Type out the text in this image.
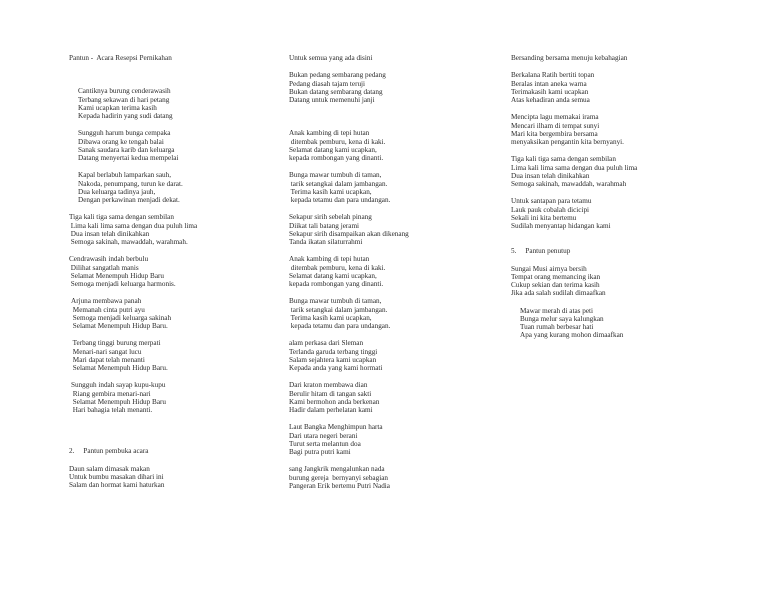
Pantun -  Acara Resepsi Pernikahan
Cantiknya burung cenderawasih
Terbang sekawan di hari petang
Kami ucapkan terima kasih
Kepada hadirin yang sudi datang
Sungguh harum bunga cempaka
Dibawa orang ke tengah balai
Sanak saudara karib dan keluarga
Datang menyertai kedua mempelai
Kapal berlabuh lamparkan sauh,
Nakoda, penumpang, turun ke darat.
Dua keluarga tadinya jauh,
Dengan perkawinan menjadi dekat.
Tiga kali tiga sama dengan sembilan
Lima kali lima sama dengan dua puluh lima
Dua insan telah dinikahkan
Semoga sakinah, mawaddah, warahmah.
Cendrawasih indah berbulu
Dilihat sangatlah manis
Selamat Menempuh Hidup Baru
Semoga menjadi keluarga harmonis.
Arjuna membawa panah
Memanah cinta putri ayu
Semoga menjadi keluarga sakinah
Selamat Menempuh Hidup Baru.
Terbang tinggi burung merpati
Menari-nari sangat lucu
Mari dapat telah menanti
Selamat Menempuh Hidup Baru.
Sungguh indah sayap kupu-kupu
Riang gembira menari-nari
Selamat Menempuh Hidup Baru
Hari bahagia telah menanti.
2.     Pantun pembuka acara
Daun salam dimasak makan
Untuk bumbu masakan dihari ini
Salam dan hormat kami haturkan
Untuk semua yang ada disini
Bukan pedang sembarang pedang
Pedang diasah tajam teruji
Bukan datang sembarang datang
Datang untuk memenuhi janji
Anak kambing di tepi hutan
ditembak pemburu, kena di kaki.
Selamat datang kami ucapkan,
kepada rombongan yang dinanti.
Bunga mawar tumbuh di taman,
tarik setangkai dalam jambangan.
Terima kasih kami ucapkan,
kepada tetamu dan para undangan.
Sekapur sirih sebelah pinang
Diikat tali batang jerami
Sekapur sirih disampaikan akan dikenang
Tanda ikatan silaturrahmi
Anak kambing di tepi hutan
ditembak pemburu, kena di kaki.
Selamat datang kami ucapkan,
kepada rombongan yang dinanti.
Bunga mawar tumbuh di taman,
tarik setangkai dalam jambangan.
Terima kasih kami ucapkan,
kepada tetamu dan para undangan.
alam perkasa dari Sleman
Terlanda garuda terbang tinggi
Salam sejahtera kami ucapkan
Kepada anda yang kami hormati
Dari kraton membawa dian
Berulir hitam di tangan sakti
Kami bermohon anda berkenan
Hadir dalam perhelatan kami
Laut Bangka Menghimpun harta
Dari utara negeri berani
Turut serta melantun doa
Bagi putra putri kami
sang Jangkrik mengalunkan nada
burung gereja  bernyanyi sebagian
Pangeran Erik bertemu Putri Nadia
Bersanding bersama menuju kebahagian
Berkalana Ratih bertiti topan
Beralas intan aneka warna
Terimakasih kami ucapkan
Atas kehadiran anda semua
Mencipta lagu memakai irama
Mencari ilham di tempat sunyi
Mari kita bergembira bersama
menyaksikan pengantin kita bernyanyi.
Tiga kali tiga sama dengan sembilan
Lima kali lima sama dengan dua puluh lima
Dua insan telah dinikahkan
Semoga sakinah, mawaddah, warahmah
Untuk santapan para tetamu
Lauk pauk cobalah dicicipi
Sekali ini kita bertemu
Sudilah menyantap hidangan kami
5.     Pantun penutup
Sungai Musi airnya bersih
Tempat orang memancing ikan
Cukup sekian dan terima kasih
Jika ada salah sudilah dimaafkan
Mawar merah di atas peti
Bunga melur saya kalungkan
Tuan rumah berbesar hati
Apa yang kurang mohon dimaafkan
